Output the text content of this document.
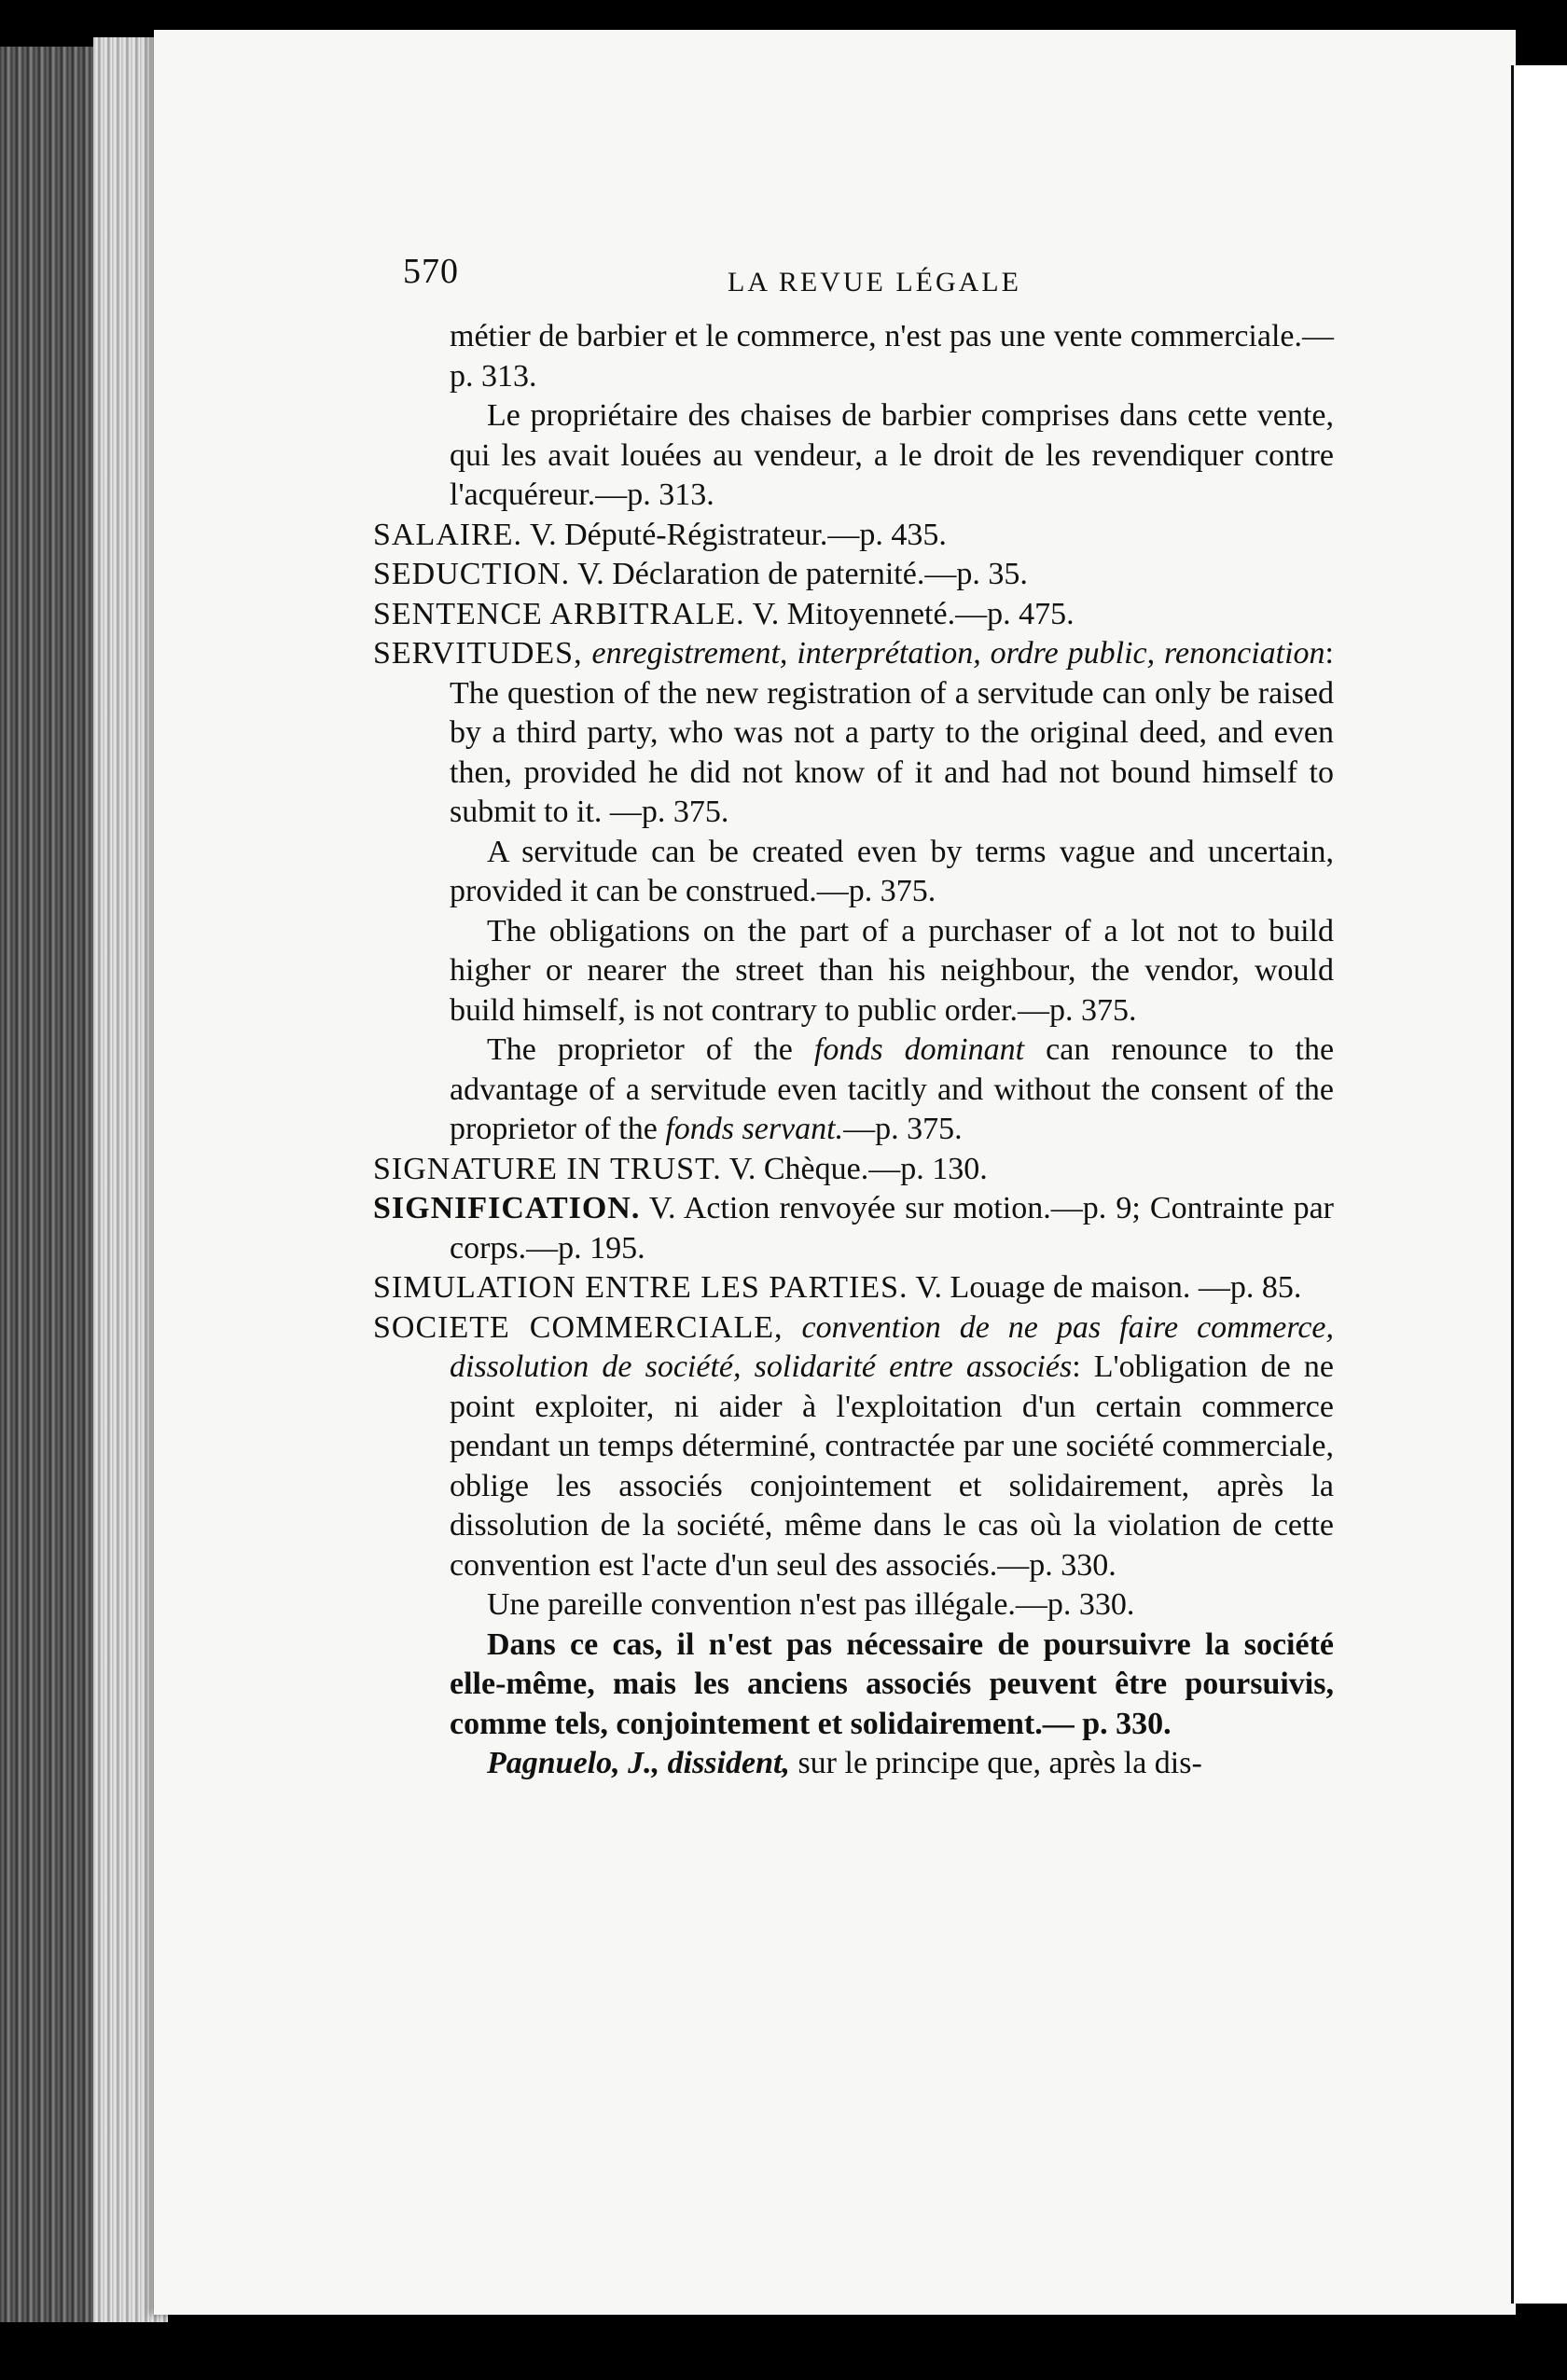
570	LA REVUE LÉGALE

métier de barbier et le commerce, n'est pas une vente commerciale.—p. 313.

Le propriétaire des chaises de barbier comprises dans cette vente, qui les avait louées au vendeur, a le droit de les revendiquer contre l'acquéreur.—p. 313.

SALAIRE. V. Député-Régistrateur.—p. 435.

SEDUCTION. V. Déclaration de paternité.—p. 35.

SENTENCE ARBITRALE. V. Mitoyenneté.—p. 475.

SERVITUDES, enregistrement, interprétation, ordre public, renonciation: The question of the new registration of a servitude can only be raised by a third party, who was not a party to the original deed, and even then, provided he did not know of it and had not bound himself to submit to it. —p. 375.

A servitude can be created even by terms vague and uncertain, provided it can be construed.—p. 375.

The obligations on the part of a purchaser of a lot not to build higher or nearer the street than his neighbour, the vendor, would build himself, is not contrary to public order.—p. 375.

The proprietor of the fonds dominant can renounce to the advantage of a servitude even tacitly and without the consent of the proprietor of the fonds servant.—p. 375.

SIGNATURE IN TRUST. V. Chèque.—p. 130.

SIGNIFICATION. V. Action renvoyée sur motion.—p. 9; Contrainte par corps.—p. 195.

SIMULATION ENTRE LES PARTIES. V. Louage de maison. —p. 85.

SOCIETE COMMERCIALE, convention de ne pas faire commerce, dissolution de société, solidarité entre associés: L'obligation de ne point exploiter, ni aider à l'exploitation d'un certain commerce pendant un temps déterminé, contractée par une société commerciale, oblige les associés conjointement et solidairement, après la dissolution de la société, même dans le cas où la violation de cette convention est l'acte d'un seul des associés.—p. 330.

Une pareille convention n'est pas illégale.—p. 330.

Dans ce cas, il n'est pas nécessaire de poursuivre la société elle-même, mais les anciens associés peuvent être poursuivis, comme tels, conjointement et solidairement.— p. 330.

Pagnuelo, J., dissident, sur le principe que, après la dis-
